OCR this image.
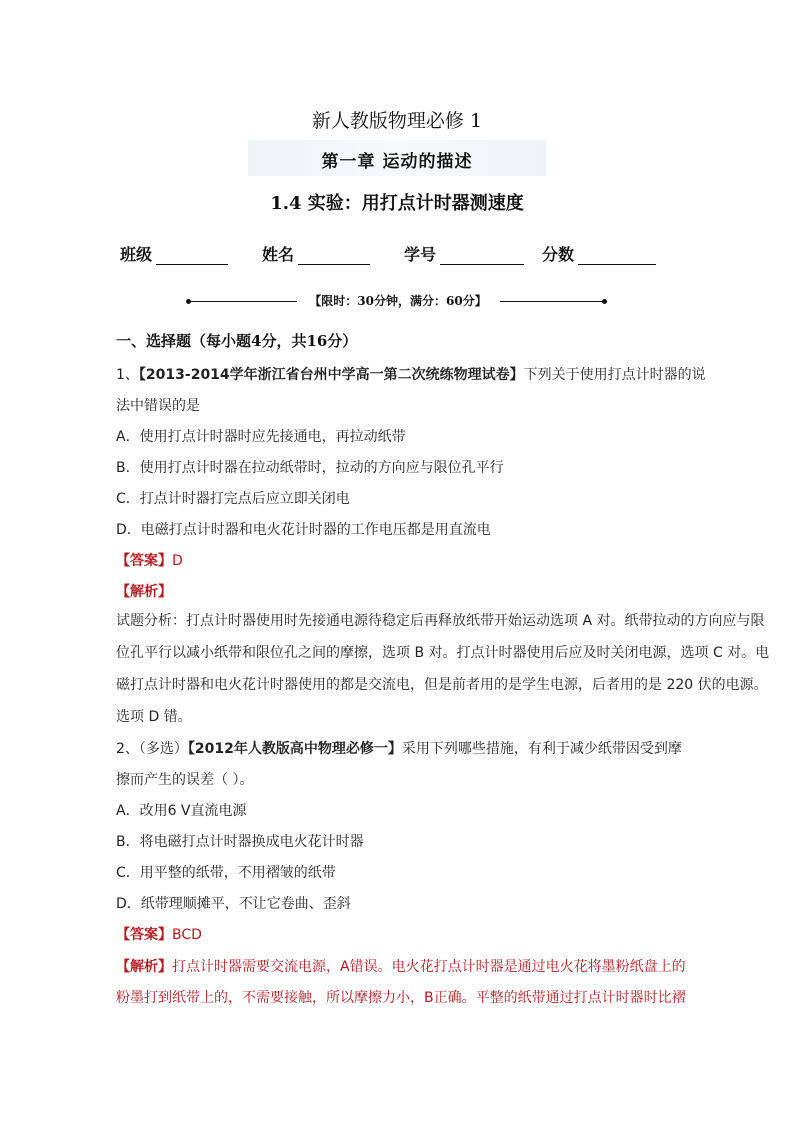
新人教版物理必修 1
第一章 运动的描述
1.4 实验：用打点计时器测速度
班级	姓名	学号	分数
【限时：30分钟，满分：60分】
一、选择题（每小题4分，共16分）
1、【2013-2014学年浙江省台州中学高一第二次统练物理试卷】下列关于使用打点计时器的说
法中错误的是
A．使用打点计时器时应先接通电，再拉动纸带
B．使用打点计时器在拉动纸带时，拉动的方向应与限位孔平行
C．打点计时器打完点后应立即关闭电
D．电磁打点计时器和电火花计时器的工作电压都是用直流电
【答案】D
【解析】
试题分析：打点计时器使用时先接通电源待稳定后再释放纸带开始运动选项 A 对。纸带拉动的方向应与限
位孔平行以减小纸带和限位孔之间的摩擦，选项 B 对。打点计时器使用后应及时关闭电源，选项 C 对。电
磁打点计时器和电火花计时器使用的都是交流电，但是前者用的是学生电源，后者用的是 220 伏的电源。
选项 D 错。
2、（多选）【2012年人教版高中物理必修一】采用下列哪些措施，有利于减少纸带因受到摩
擦而产生的误差（ ）。
A．改用6 V直流电源
B．将电磁打点计时器换成电火花计时器
C．用平整的纸带，不用褶皱的纸带
D．纸带理顺摊平，不让它卷曲、歪斜
【答案】BCD
【解析】打点计时器需要交流电源，A错误。电火花打点计时器是通过电火花将墨粉纸盘上的
粉墨打到纸带上的，不需要接触，所以摩擦力小，B正确。平整的纸带通过打点计时器时比褶
